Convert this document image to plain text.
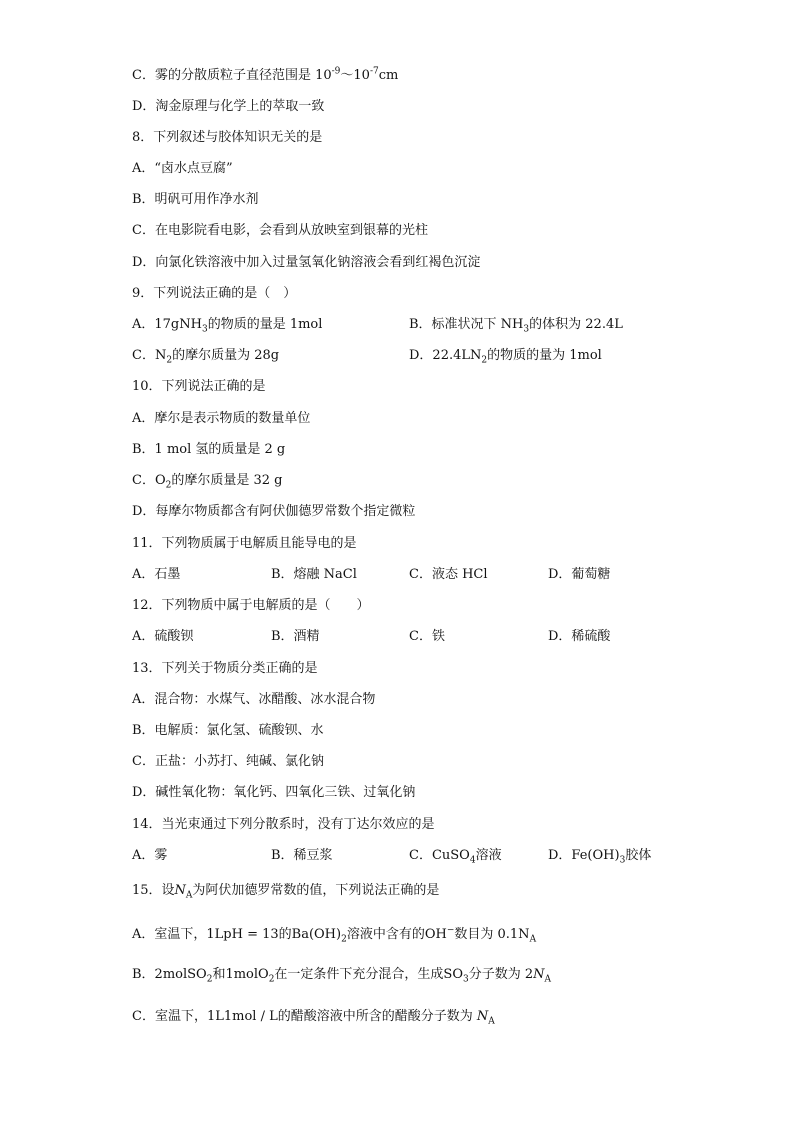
C．雾的分散质粒子直径范围是 $10^{-9}\sim 10^{-7}cm$
D．淘金原理与化学上的萃取一致
8．下列叙述与胶体知识无关的是
A．“卤水点豆腐”
B．明矾可用作净水剂
C．在电影院看电影，会看到从放映室到银幕的光柱
D．向氯化铁溶液中加入过量氢氧化钠溶液会看到红褐色沉淀
9．下列说法正确的是（　）
A．17gNH$_3$的物质的量是 1mol	B．标准状况下 $NH_3$的体积为 22.4L
C．$N_2$的摩尔质量为 28g	D．$22.4LN_2$的物质的量为 1mol
10．下列说法正确的是
A．摩尔是表示物质的数量单位
B．1 mol 氢的质量是 2 g
C．$O_2$的摩尔质量是 32 g
D．每摩尔物质都含有阿伏伽德罗常数个指定微粒
11．下列物质属于电解质且能导电的是
A．石墨	B．熔融 NaCl	C．液态 HCl	D．葡萄糖
12．下列物质中属于电解质的是（　　）
A．硫酸钡	B．酒精	C．铁	D．稀硫酸
13．下列关于物质分类正确的是
A．混合物：水煤气、冰醋酸、冰水混合物
B．电解质：氯化氢、硫酸钡、水
C．正盐：小苏打、纯碱、氯化钠
D．碱性氧化物：氧化钙、四氧化三铁、过氧化钠
14．当光束通过下列分散系时，没有丁达尔效应的是
A．雾	B．稀豆浆	C．CuSO$_4$溶液	D．$Fe(OH)_3$胶体
15．设$N_A$为阿伏加德罗常数的值，下列说法正确的是
A．室温下，1LpH = 13的$Ba(OH)_2$溶液中含有的OH−数目为 $0.1N_A$
B．2molSO$_2$和1molO$_2$在一定条件下充分混合，生成$SO_3$分子数为 $2N_A$
C．室温下，1L1mol / L的醋酸溶液中所含的醋酸分子数为 $N_A$
